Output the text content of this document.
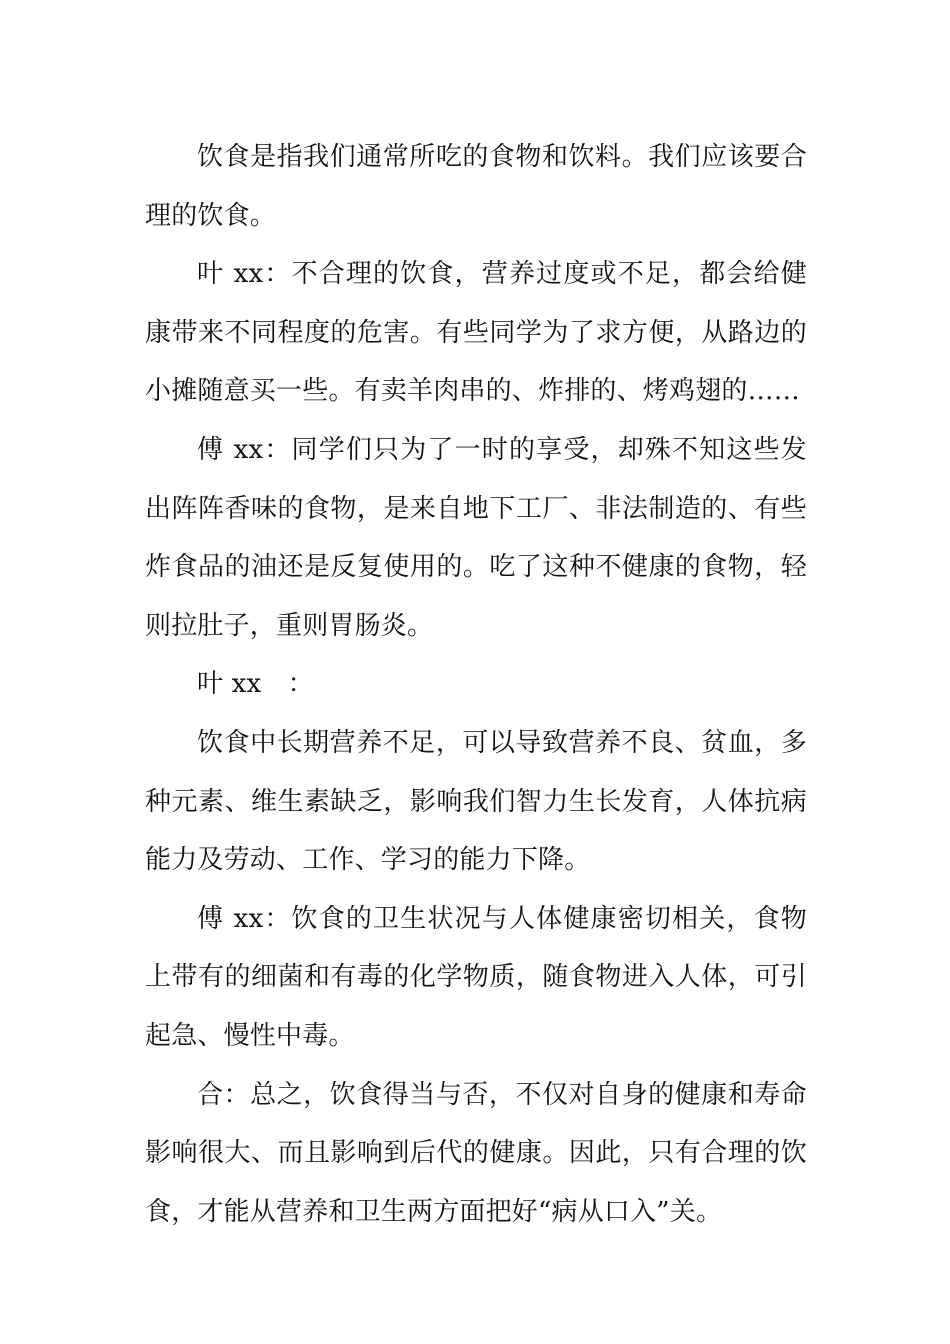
饮食是指我们通常所吃的食物和饮料。我们应该要合理的饮食。

叶 xx：不合理的饮食，营养过度或不足，都会给健康带来不同程度的危害。有些同学为了求方便，从路边的小摊随意买一些。有卖羊肉串的、炸排的、烤鸡翅的……

傅 xx：同学们只为了一时的享受，却殊不知这些发出阵阵香味的食物，是来自地下工厂、非法制造的、有些炸食品的油还是反复使用的。吃了这种不健康的食物，轻则拉肚子，重则胃肠炎。

叶 xx　：

饮食中长期营养不足，可以导致营养不良、贫血，多种元素、维生素缺乏，影响我们智力生长发育，人体抗病能力及劳动、工作、学习的能力下降。

傅 xx：饮食的卫生状况与人体健康密切相关，食物上带有的细菌和有毒的化学物质，随食物进入人体，可引起急、慢性中毒。

合：总之，饮食得当与否，不仅对自身的健康和寿命影响很大、而且影响到后代的健康。因此，只有合理的饮食，才能从营养和卫生两方面把好“病从口入”关。
